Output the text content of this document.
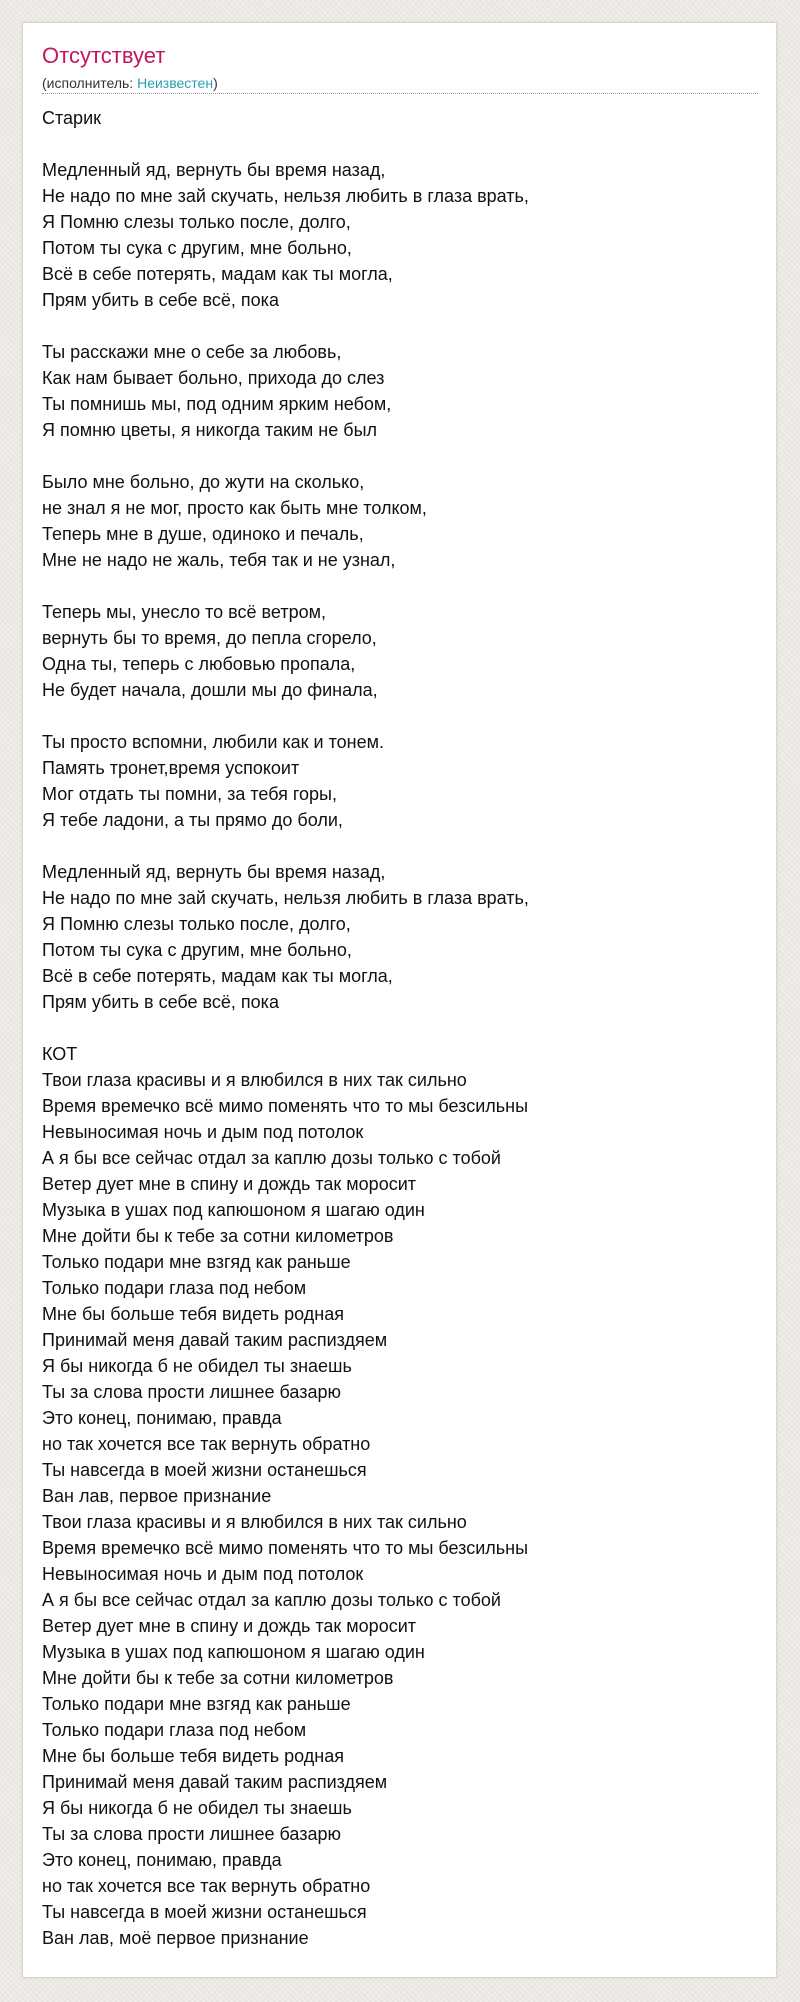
Отсутствует
(исполнитель: Неизвестен)
Старик
Медленный яд, вернуть бы время назад,
Не надо по мне зай скучать, нельзя любить в глаза врать,
Я Помню слезы только после, долго,
Потом ты сука с другим, мне больно,
Всё в себе потерять, мадам как ты могла,
Прям убить в себе всё, пока
Ты расскажи мне о себе за любовь,
Как нам бывает больно, прихода до слез
Ты помнишь мы, под одним ярким небом,
Я помню цветы, я никогда таким не был
Было мне больно, до жути на сколько,
не знал я не мог, просто как быть мне толком,
Теперь мне в душе, одиноко и печаль,
Мне не надо не жаль, тебя так и не узнал,
Теперь мы, унесло то всё ветром,
вернуть бы то время, до пепла сгорело,
Одна ты, теперь с любовью пропала,
Не будет начала, дошли мы до финала,
Ты просто вспомни, любили как и тонем.
Память тронет,время успокоит
Мог отдать ты помни, за тебя горы,
Я тебе ладони, а ты прямо до боли,
Медленный яд, вернуть бы время назад,
Не надо по мне зай скучать, нельзя любить в глаза врать,
Я Помню слезы только после, долго,
Потом ты сука с другим, мне больно,
Всё в себе потерять, мадам как ты могла,
Прям убить в себе всё, пока
КОТ
Твои глаза красивы и я влюбился в них так сильно
Время времечко всё мимо поменять что то мы безсильны
Невыносимая ночь и дым под потолок
А я бы все сейчас отдал за каплю дозы только с тобой
Ветер дует мне в спину и дождь так моросит
Музыка в ушах под капюшоном я шагаю один
Мне дойти бы к тебе за сотни километров
Только подари мне взгяд как раньше
Только подари глаза под небом
Мне бы больше тебя видеть родная
Принимай меня давай таким распиздяем
Я бы никогда б не обидел ты знаешь
Ты за слова прости лишнее базарю
Это конец, понимаю, правда
но так хочется все так вернуть обратно
Ты навсегда в моей жизни останешься
Ван лав, первое признание
Твои глаза красивы и я влюбился в них так сильно
Время времечко всё мимо поменять что то мы безсильны
Невыносимая ночь и дым под потолок
А я бы все сейчас отдал за каплю дозы только с тобой
Ветер дует мне в спину и дождь так моросит
Музыка в ушах под капюшоном я шагаю один
Мне дойти бы к тебе за сотни километров
Только подари мне взгяд как раньше
Только подари глаза под небом
Мне бы больше тебя видеть родная
Принимай меня давай таким распиздяем
Я бы никогда б не обидел ты знаешь
Ты за слова прости лишнее базарю
Это конец, понимаю, правда
но так хочется все так вернуть обратно
Ты навсегда в моей жизни останешься
Ван лав, моё первое признание
